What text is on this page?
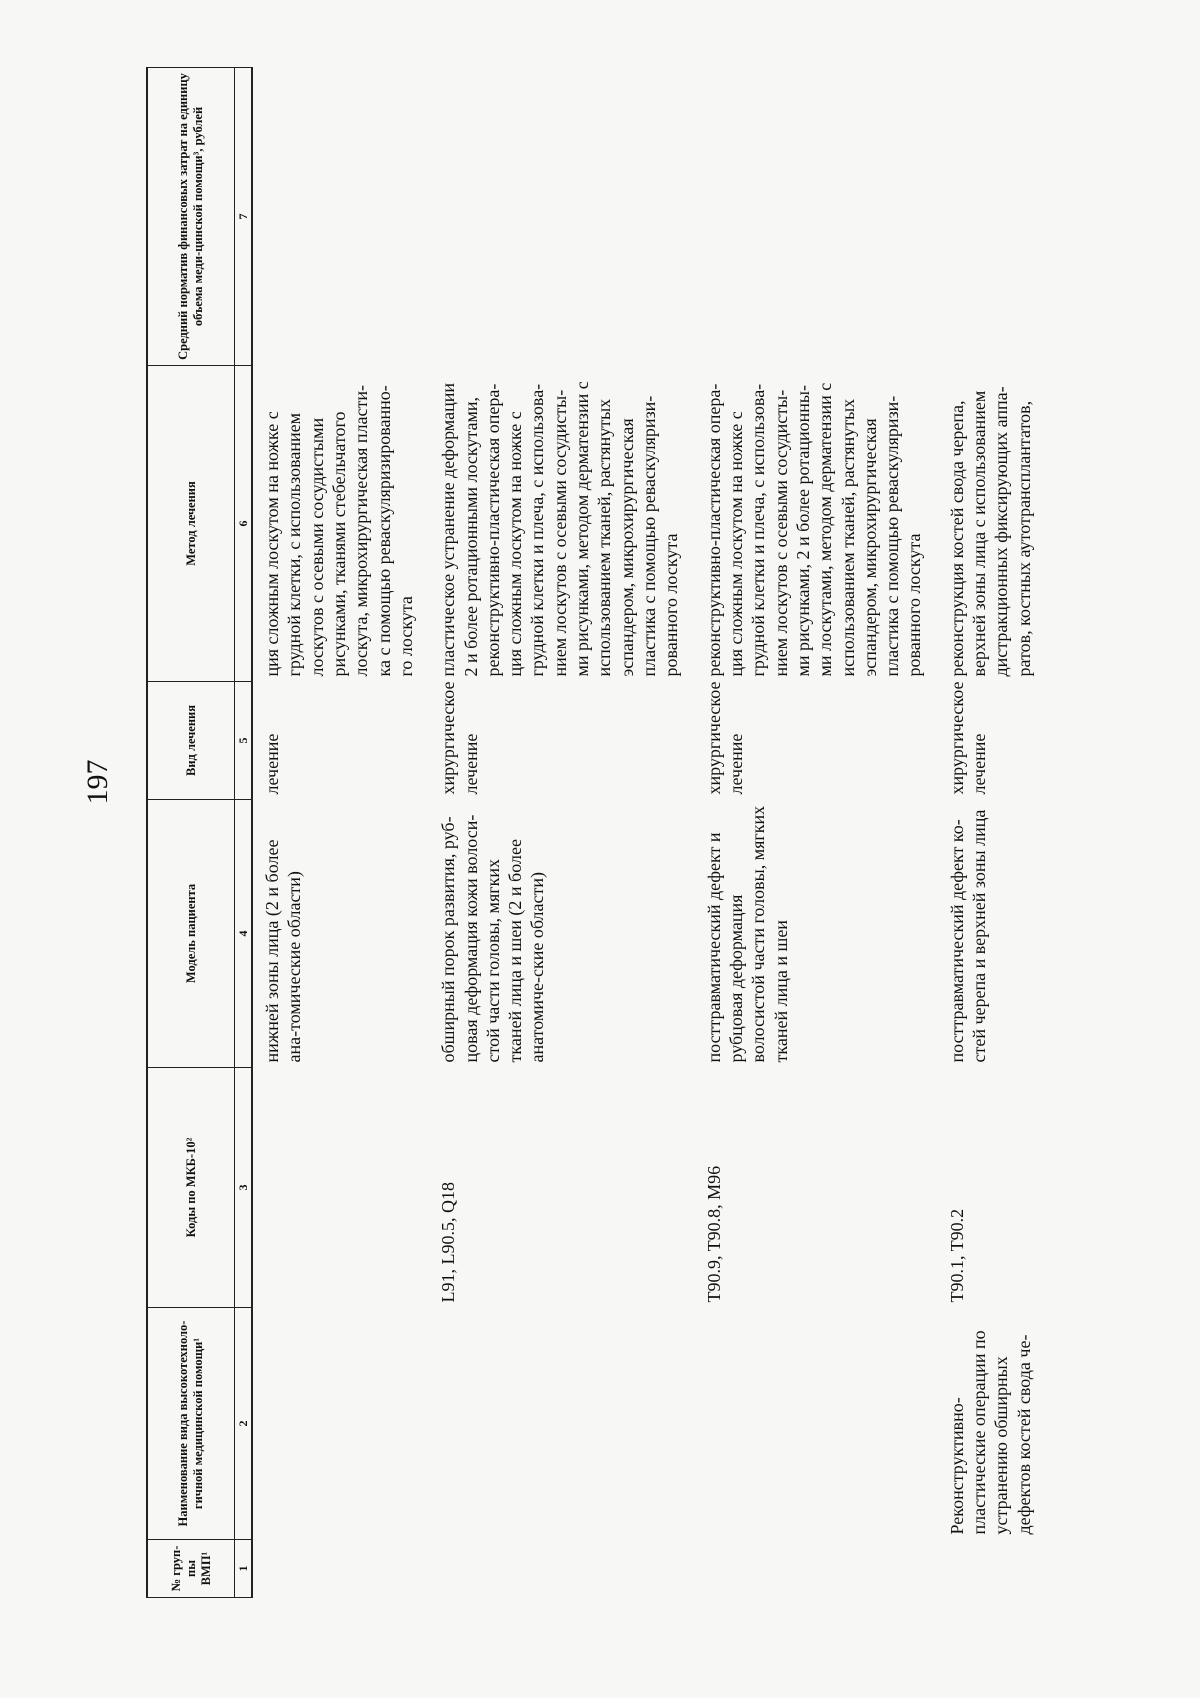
197
№ груп-пы ВМП¹	Наименование вида высокотехноло-гичной медицинской помощи¹	Коды по МКБ-10²	Модель пациента	Вид лечения	Метод лечения	Средний норматив финансовых затрат на единицу объема меди-цинской помощи³, рублей
1	2	3	4	5	6	7
			нижней зоны лица (2 и более ана-томические области)	лечение	ция сложным лоскутом на ножке с грудной клетки, с использованием лоскутов с осевыми сосудистыми рисунками, тканями стебельчатого лоскута, микрохирургическая пласти-ка с помощью реваскуляризированно-го лоскута	
		L91, L90.5, Q18	обширный порок развития, руб-цовая деформация кожи волоси-стой части головы, мягких тканей лица и шеи (2 и более анатомиче-ские области)	хирургическое лечение	пластическое устранение деформации 2 и более ротационными лоскутами, реконструктивно-пластическая опера-ция сложным лоскутом на ножке с грудной клетки и плеча, с использова-нием лоскутов с осевыми сосудисты-ми рисунками, методом дерматензии с использованием тканей, растянутых эспандером, микрохирургическая пластика с помощью реваскуляризи-рованного лоскута	
		T90.9, T90.8, M96	посттравматический дефект и рубцовая деформация волосистой части головы, мягких тканей лица и шеи	хирургическое лечение	реконструктивно-пластическая опера-ция сложным лоскутом на ножке с грудной клетки и плеча, с использова-нием лоскутов с осевыми сосудисты-ми рисунками, 2 и более ротационны-ми лоскутами, методом дерматензии с использованием тканей, растянутых эспандером, микрохирургическая пластика с помощью реваскуляризи-рованного лоскута	
	Реконструктивно-пластические операции по устранению обширных дефектов костей свода че-	T90.1, T90.2	посттравматический дефект ко-стей черепа и верхней зоны лица	хирургическое лечение	реконструкция костей свода черепа, верхней зоны лица с использованием дистракционных фиксирующих аппа-ратов, костных аутотрансплантатов,	
